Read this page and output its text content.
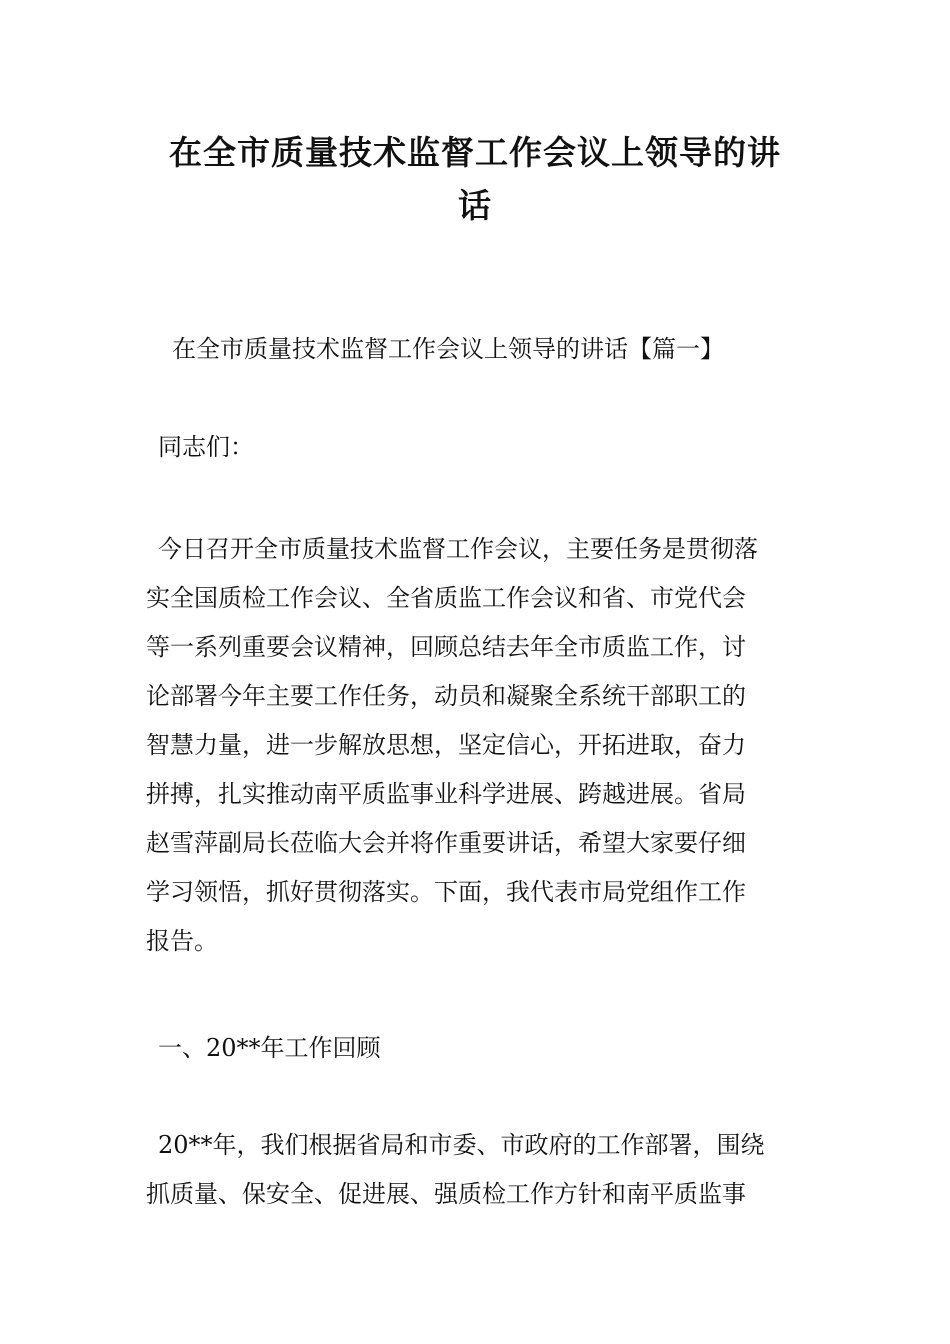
在全市质量技术监督工作会议上领导的讲
话

在全市质量技术监督工作会议上领导的讲话【篇一】

同志们：

今日召开全市质量技术监督工作会议，主要任务是贯彻落
实全国质检工作会议、全省质监工作会议和省、市党代会
等一系列重要会议精神，回顾总结去年全市质监工作，讨
论部署今年主要工作任务，动员和凝聚全系统干部职工的
智慧力量，进一步解放思想，坚定信心，开拓进取，奋力
拼搏，扎实推动南平质监事业科学进展、跨越进展。省局
赵雪萍副局长莅临大会并将作重要讲话，希望大家要仔细
学习领悟，抓好贯彻落实。下面，我代表市局党组作工作
报告。

一、20**年工作回顾

20**年，我们根据省局和市委、市政府的工作部署，围绕
抓质量、保安全、促进展、强质检工作方针和南平质监事
